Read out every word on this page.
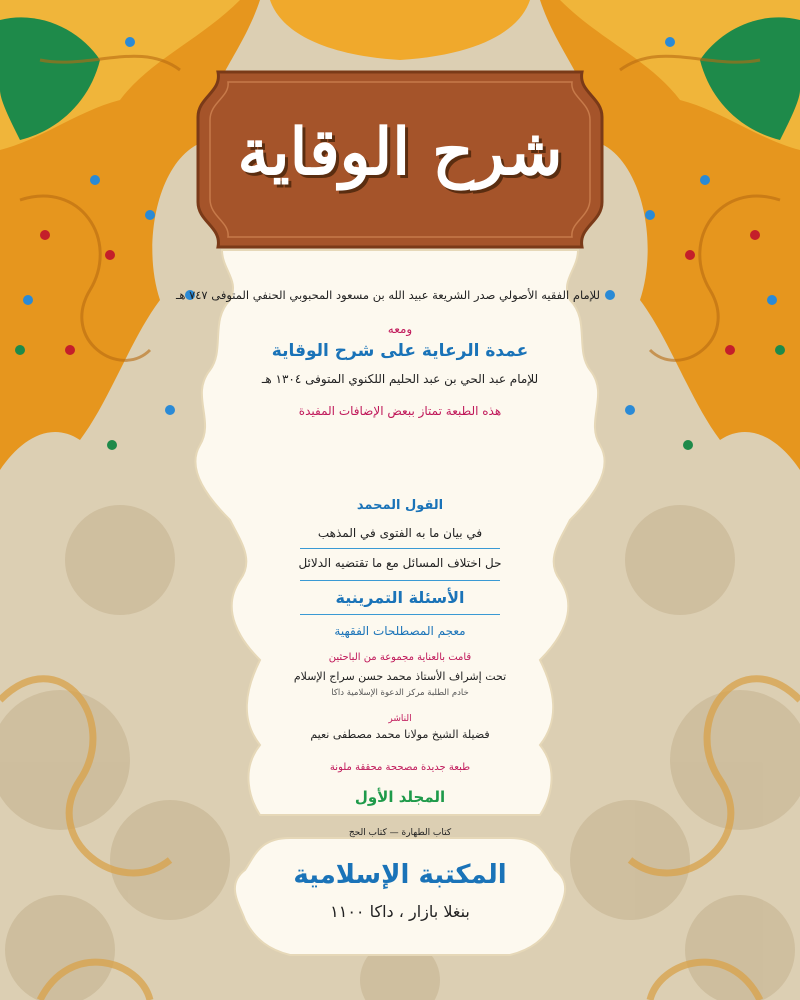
شرح الوقاية
للإمام الفقيه الأصولي صدر الشريعة عبيد الله بن مسعود المحبوبي الحنفي المتوفى ٧٤٧ هـ
ومعه
عمدة الرعاية على شرح الوقاية
للإمام عبد الحي بن عبد الحليم اللكنوي المتوفى ١٣٠٤ هـ
هذه الطبعة تمتاز ببعض الإضافات المفيدة
القول المحمد
في بيان ما به الفتوى في المذهب
حل اختلاف المسائل مع ما تقتضيه الدلائل
الأسئلة التمرينية
معجم المصطلحات الفقهية
قامت بالعناية مجموعة من الباحثين
تحت إشراف الأستاذ محمد حسن سراج الإسلام
خادم الطلبة مركز الدعوة الإسلامية داكا
الناشر
فضيلة الشيخ مولانا محمد مصطفى نعيم
طبعة جديدة مصححة محققة ملونة
المجلد الأول
كتاب الطهارة — كتاب الحج
المكتبة الإسلامية
بنغلا بازار ، داكا ١١٠٠
